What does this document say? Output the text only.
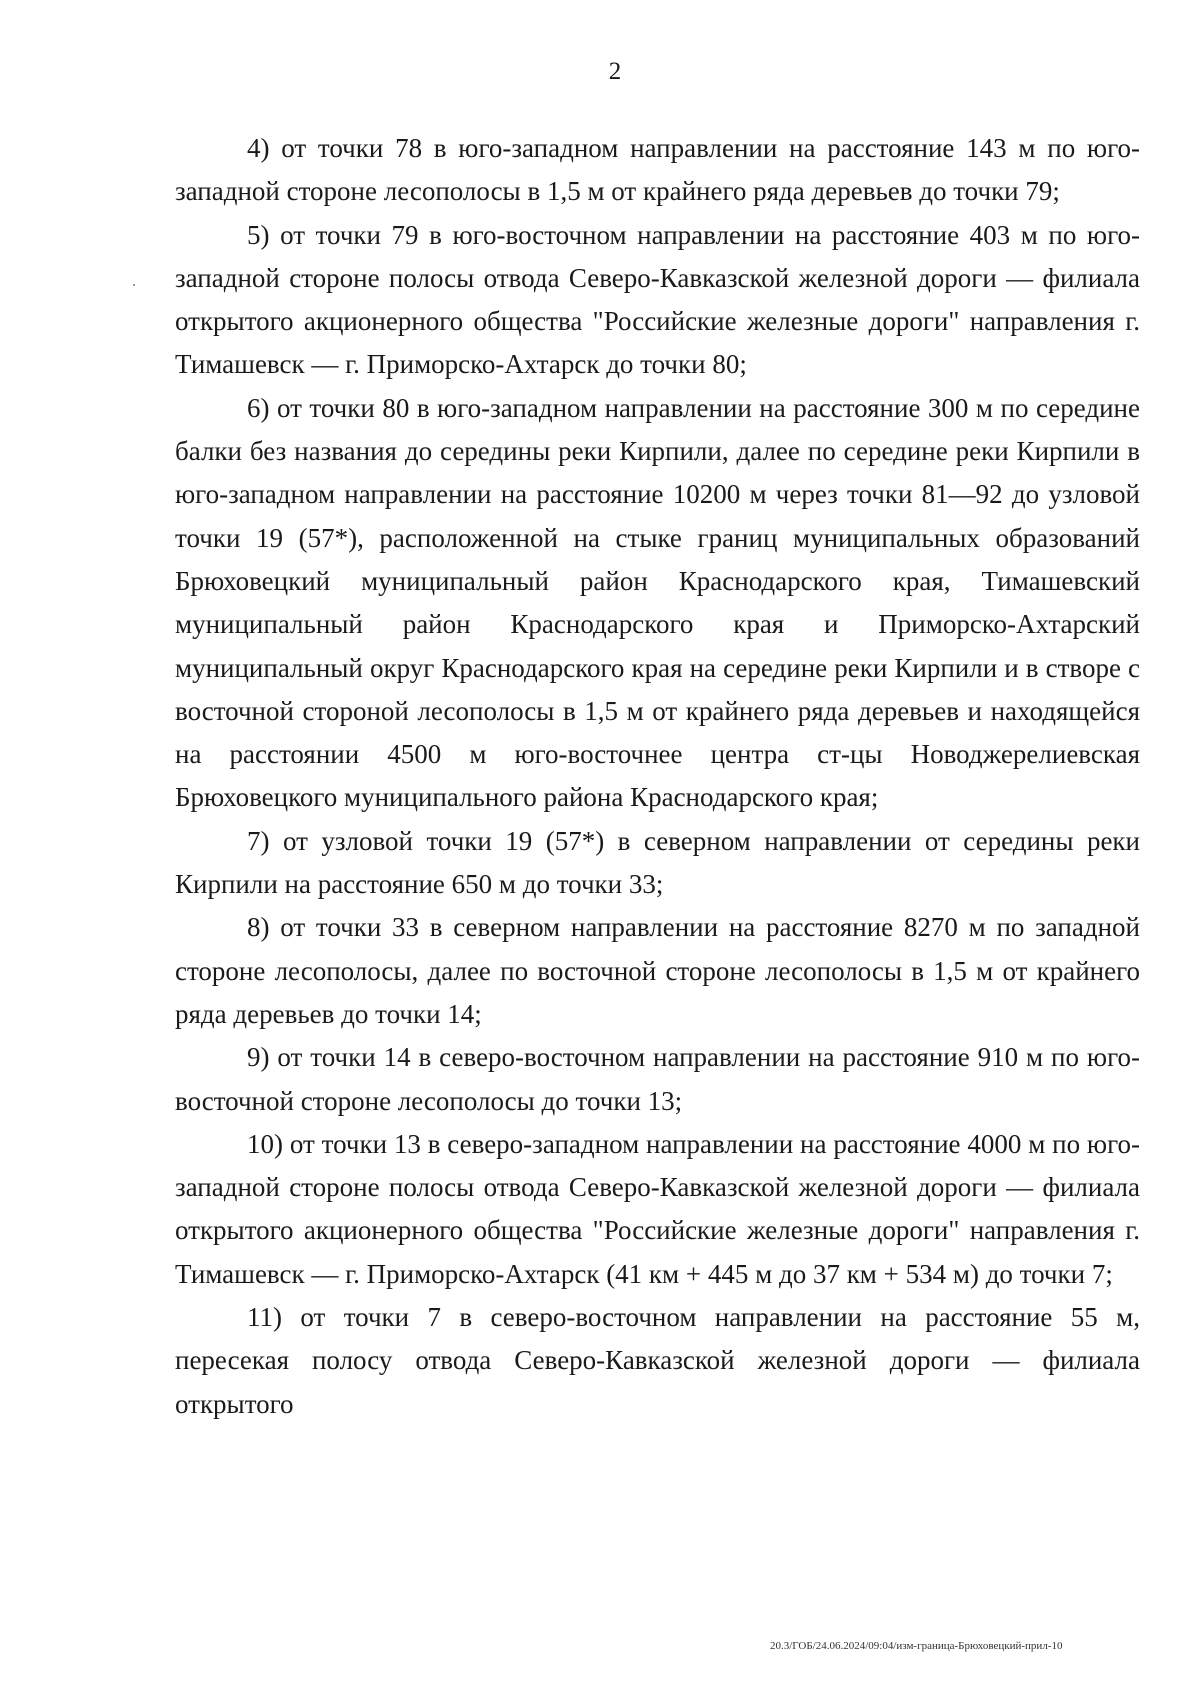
2

4) от точки 78 в юго-западном направлении на расстояние 143 м по юго-западной стороне лесополосы в 1,5 м от крайнего ряда деревьев до точки 79;

5) от точки 79 в юго-восточном направлении на расстояние 403 м по юго-западной стороне полосы отвода Северо-Кавказской железной дороги — филиала открытого акционерного общества "Российские железные дороги" направления г. Тимашевск — г. Приморско-Ахтарск до точки 80;

6) от точки 80 в юго-западном направлении на расстояние 300 м по середине балки без названия до середины реки Кирпили, далее по середине реки Кирпили в юго-западном направлении на расстояние 10200 м через точки 81—92 до узловой точки 19 (57*), расположенной на стыке границ муниципальных образований Брюховецкий муниципальный район Краснодарского края, Тимашевский муниципальный район Краснодарского края и Приморско-Ахтарский муниципальный округ Краснодарского края на середине реки Кирпили и в створе с восточной стороной лесополосы в 1,5 м от крайнего ряда деревьев и находящейся на расстоянии 4500 м юго-восточнее центра ст-цы Новоджерелиевская Брюховецкого муниципального района Краснодарского края;

7) от узловой точки 19 (57*) в северном направлении от середины реки Кирпили на расстояние 650 м до точки 33;

8) от точки 33 в северном направлении на расстояние 8270 м по западной стороне лесополосы, далее по восточной стороне лесополосы в 1,5 м от крайнего ряда деревьев до точки 14;

9) от точки 14 в северо-восточном направлении на расстояние 910 м по юго-восточной стороне лесополосы до точки 13;

10) от точки 13 в северо-западном направлении на расстояние 4000 м по юго-западной стороне полосы отвода Северо-Кавказской железной дороги — филиала открытого акционерного общества "Российские железные дороги" направления г. Тимашевск — г. Приморско-Ахтарск (41 км + 445 м до 37 км + 534 м) до точки 7;

11) от точки 7 в северо-восточном направлении на расстояние 55 м, пересекая полосу отвода Северо-Кавказской железной дороги — филиала открытого

20.3/ГОБ/24.06.2024/09:04/изм-граница-Брюховецкий-прил-10
